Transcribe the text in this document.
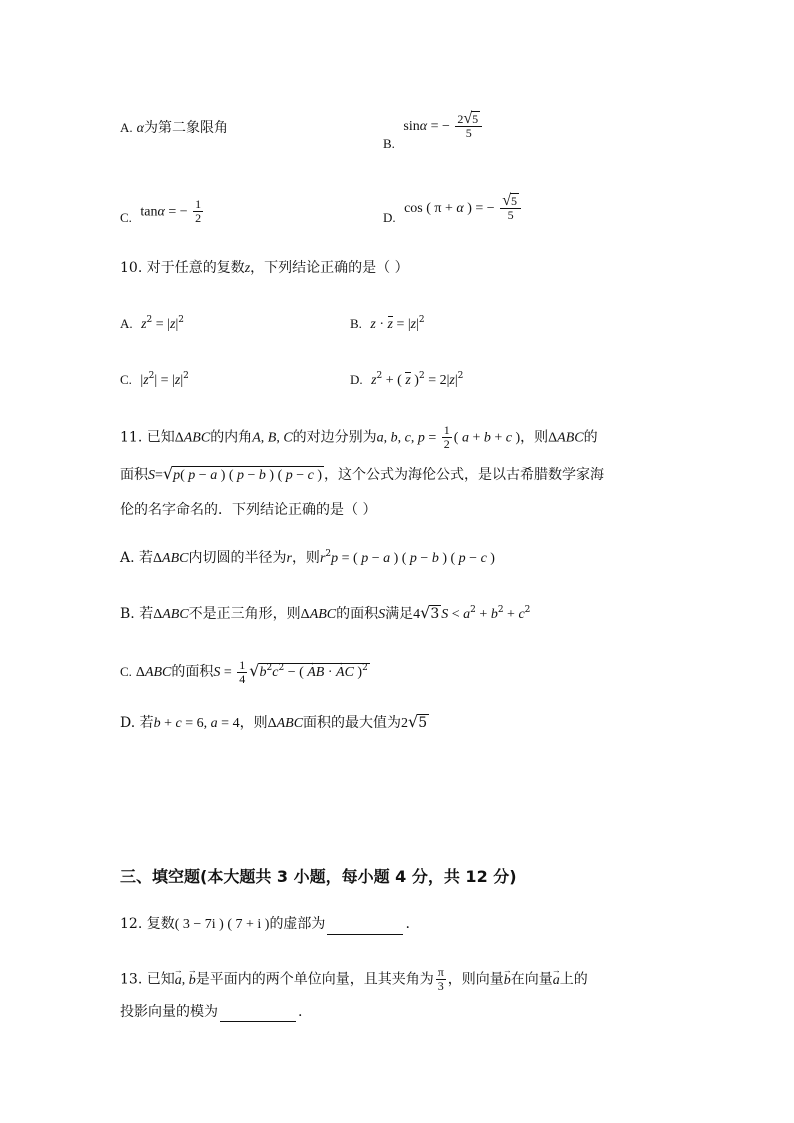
A. α为第二象限角
B. sinα = − $\frac{2√5}{5}$
C. tanα = − $\frac{1}{2}$	D. cos ( π + α ) = − $\frac{√5}{5}$
10. 对于任意的复数z，下列结论正确的是（ ）
A. $z^2 = |z|^2$	B. $z \cdot z = |z|^2$
C. $|z^2| = |z|^2$	D. $z^2$ + ( z )$^2 = 2|z|^2$
11. 已知ΔABC的内角A, B, C的对边分别为a, b, c, $p = \frac{1}{2}$ ( a + b + c )，则ΔABC的
面积S=√p( p − a ) ( p − b ) ( p − c ) ，这个公式为海伦公式，是以古希腊数学家海
伦的名字命名的．下列结论正确的是（ ）
A. 若ΔABC内切圆的半径为r，则$r^2p$ = ( p − a ) ( p − b ) ( p − c )
B. 若ΔABC不是正三角形，则ΔABC的面积S满足4√3 $S < a^2 + b^2 + c^2$
C. ΔABC的面积$S = \frac{1}{4} √b^2c^2$ − ( → AB · → AC )$^2$
D. 若b + c = 6, a = 4，则ΔABC面积的最大值为2√5
三、填空题(本大题共 3 小题，每小题 4 分，共 12 分)
12. 复数( 3 − 7i ) ( 7 + i )的虚部为	.
13. 已知→ a, → b是平面内的两个单位向量，且其夹角为 $\frac{\pi}{3}$ ，则向量→ b在向量→ a上的
投影向量的模为	.
